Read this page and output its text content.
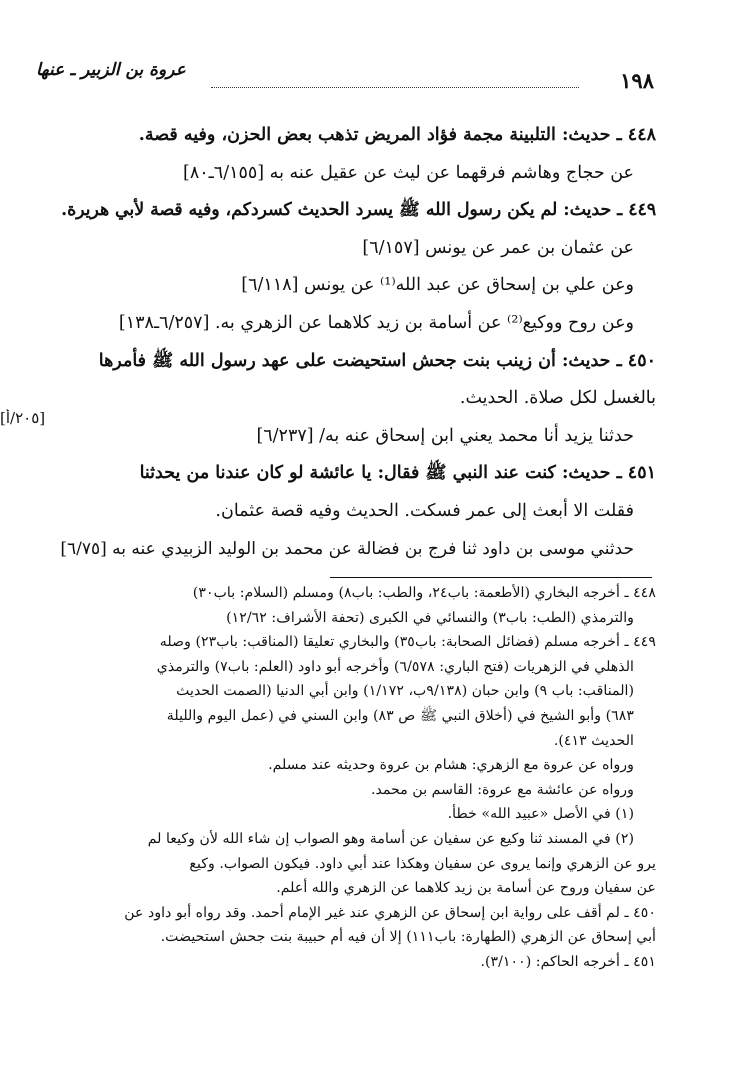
١٩٨
عروة بن الزبير ـ عنها
[٢٠٥/أ]
٤٤٨ ـ حديث: التلبينة مجمة فؤاد المريض تذهب بعض الحزن، وفيه قصة.
عن حجاج وهاشم فرقهما عن ليث عن عقيل عنه به [٦/١٥٥ـ٨٠]
٤٤٩ ـ حديث: لم يكن رسول الله ﷺ يسرد الحديث كسردكم، وفيه قصة لأبي هريرة.
عن عثمان بن عمر عن يونس [٦/١٥٧]
وعن علي بن إسحاق عن عبد الله⁽¹⁾ عن يونس [٦/١١٨]
وعن روح ووكيع⁽²⁾ عن أسامة بن زيد كلاهما عن الزهري به. [٦/٢٥٧ـ١٣٨]
٤٥٠ ـ حديث: أن زينب بنت جحش استحيضت على عهد رسول الله ﷺ فأمرها
بالغسل لكل صلاة. الحديث.
حدثنا يزيد أنا محمد يعني ابن إسحاق عنه به/ [٦/٢٣٧]
٤٥١ ـ حديث: كنت عند النبي ﷺ فقال: يا عائشة لو كان عندنا من يحدثنا
فقلت الا أبعث إلى عمر فسكت. الحديث وفيه قصة عثمان.
حدثني موسى بن داود ثنا فرج بن فضالة عن محمد بن الوليد الزبيدي عنه به [٦/٧٥]
٤٤٨ ـ أخرجه البخاري (الأطعمة: باب٢٤، والطب: باب٨) ومسلم (السلام: باب٣٠)
والترمذي (الطب: باب٣) والنسائي في الكبرى (تحفة الأشراف: ١٢/٦٢)
٤٤٩ ـ أخرجه مسلم (فضائل الصحابة: باب٣٥) والبخاري تعليقا (المناقب: باب٢٣) وصله
الذهلي في الزهريات (فتح الباري: ٦/٥٧٨) وأخرجه أبو داود (العلم: باب٧) والترمذي
(المناقب: باب ٩) وابن حبان (٩/١٣٨ب، ١/١٧٢) وابن أبي الدنيا (الصمت الحديث
٦٨٣) وأبو الشيخ في (أخلاق النبي ﷺ ص ٨٣) وابن السني في (عمل اليوم والليلة
الحديث ٤١٣).
ورواه عن عروة مع الزهري: هشام بن عروة وحديثه عند مسلم.
ورواه عن عائشة مع عروة: القاسم بن محمد.
(١) في الأصل «عبيد الله» خطأ.
(٢) في المسند ثنا وكيع عن سفيان عن أسامة وهو الصواب إن شاء الله لأن وكيعا لم
يرو عن الزهري وإنما يروى عن سفيان وهكذا عند أبي داود. فيكون الصواب. وكيع
عن سفيان وروح عن أسامة بن زيد كلاهما عن الزهري والله أعلم.
٤٥٠ ـ لم أقف على رواية ابن إسحاق عن الزهري عند غير الإمام أحمد. وقد رواه أبو داود عن
أبي إسحاق عن الزهري (الطهارة: باب١١١) إلا أن فيه أم حبيبة بنت جحش استحيضت.
٤٥١ ـ أخرجه الحاكم: (٣/١٠٠).
